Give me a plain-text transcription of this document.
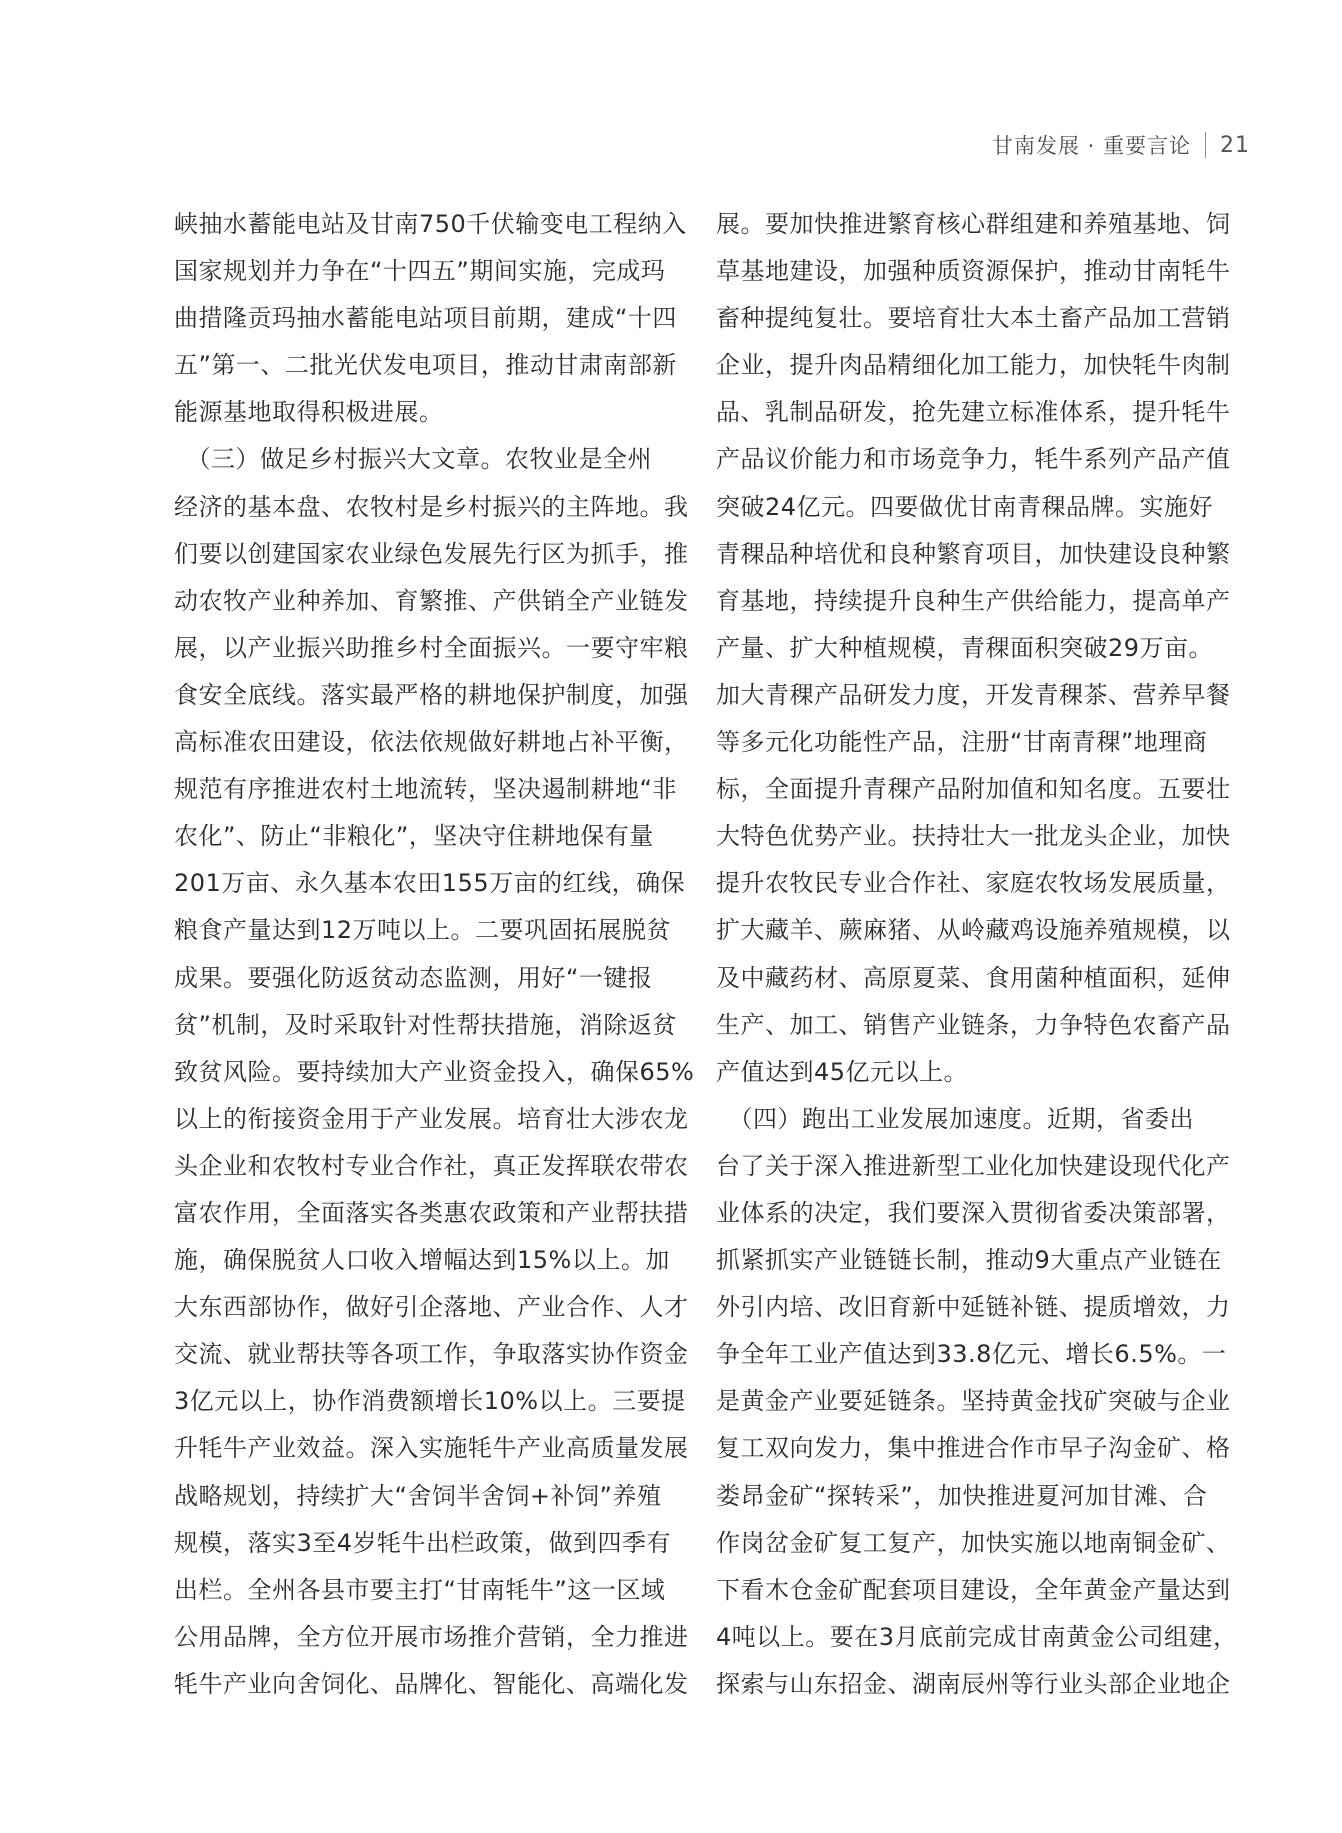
甘南发展 · 重要言论 21
峡抽水蓄能电站及甘南750千伏输变电工程纳入
国家规划并力争在“十四五”期间实施，完成玛
曲措隆贡玛抽水蓄能电站项目前期，建成“十四
五”第一、二批光伏发电项目，推动甘肃南部新
能源基地取得积极进展。
　（三）做足乡村振兴大文章。农牧业是全州
经济的基本盘、农牧村是乡村振兴的主阵地。我
们要以创建国家农业绿色发展先行区为抓手，推
动农牧产业种养加、育繁推、产供销全产业链发
展，以产业振兴助推乡村全面振兴。一要守牢粮
食安全底线。落实最严格的耕地保护制度，加强
高标准农田建设，依法依规做好耕地占补平衡，
规范有序推进农村土地流转，坚决遏制耕地“非
农化”、防止“非粮化”，坚决守住耕地保有量
201万亩、永久基本农田155万亩的红线，确保
粮食产量达到12万吨以上。二要巩固拓展脱贫
成果。要强化防返贫动态监测，用好“一键报
贫”机制，及时采取针对性帮扶措施，消除返贫
致贫风险。要持续加大产业资金投入，确保65%
以上的衔接资金用于产业发展。培育壮大涉农龙
头企业和农牧村专业合作社，真正发挥联农带农
富农作用，全面落实各类惠农政策和产业帮扶措
施，确保脱贫人口收入增幅达到15%以上。加
大东西部协作，做好引企落地、产业合作、人才
交流、就业帮扶等各项工作，争取落实协作资金
3亿元以上，协作消费额增长10%以上。三要提
升牦牛产业效益。深入实施牦牛产业高质量发展
战略规划，持续扩大“舍饲半舍饲+补饲”养殖
规模，落实3至4岁牦牛出栏政策，做到四季有
出栏。全州各县市要主打“甘南牦牛”这一区域
公用品牌，全方位开展市场推介营销，全力推进
牦牛产业向舍饲化、品牌化、智能化、高端化发
展。要加快推进繁育核心群组建和养殖基地、饲
草基地建设，加强种质资源保护，推动甘南牦牛
畜种提纯复壮。要培育壮大本土畜产品加工营销
企业，提升肉品精细化加工能力，加快牦牛肉制
品、乳制品研发，抢先建立标准体系，提升牦牛
产品议价能力和市场竞争力，牦牛系列产品产值
突破24亿元。四要做优甘南青稞品牌。实施好
青稞品种培优和良种繁育项目，加快建设良种繁
育基地，持续提升良种生产供给能力，提高单产
产量、扩大种植规模，青稞面积突破29万亩。
加大青稞产品研发力度，开发青稞茶、营养早餐
等多元化功能性产品，注册“甘南青稞”地理商
标，全面提升青稞产品附加值和知名度。五要壮
大特色优势产业。扶持壮大一批龙头企业，加快
提升农牧民专业合作社、家庭农牧场发展质量，
扩大藏羊、蕨麻猪、从岭藏鸡设施养殖规模，以
及中藏药材、高原夏菜、食用菌种植面积，延伸
生产、加工、销售产业链条，力争特色农畜产品
产值达到45亿元以上。
　（四）跑出工业发展加速度。近期，省委出
台了关于深入推进新型工业化加快建设现代化产
业体系的决定，我们要深入贯彻省委决策部署，
抓紧抓实产业链链长制，推动9大重点产业链在
外引内培、改旧育新中延链补链、提质增效，力
争全年工业产值达到33.8亿元、增长6.5%。一
是黄金产业要延链条。坚持黄金找矿突破与企业
复工双向发力，集中推进合作市早子沟金矿、格
娄昂金矿“探转采”，加快推进夏河加甘滩、合
作岗岔金矿复工复产，加快实施以地南铜金矿、
下看木仓金矿配套项目建设，全年黄金产量达到
4吨以上。要在3月底前完成甘南黄金公司组建，
探索与山东招金、湖南辰州等行业头部企业地企
